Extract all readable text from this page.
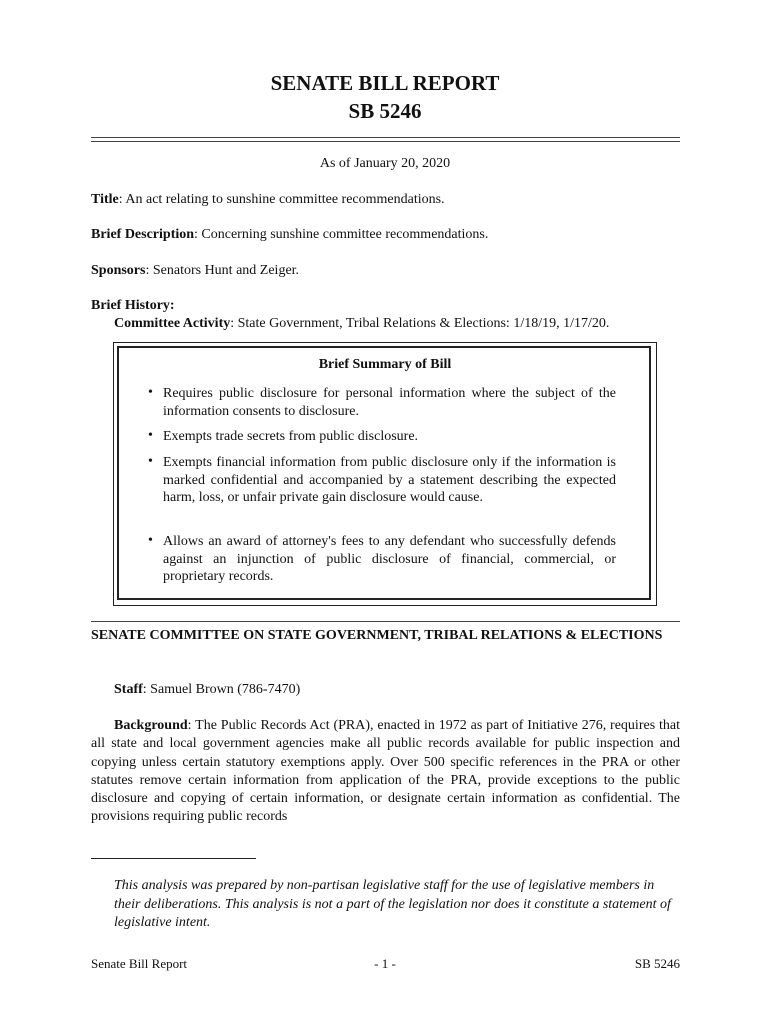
SENATE BILL REPORT
SB 5246
As of January 20, 2020
Title: An act relating to sunshine committee recommendations.
Brief Description: Concerning sunshine committee recommendations.
Sponsors: Senators Hunt and Zeiger.
Brief History:
Committee Activity: State Government, Tribal Relations & Elections: 1/18/19, 1/17/20.
Brief Summary of Bill
• Requires public disclosure for personal information where the subject of the information consents to disclosure.
• Exempts trade secrets from public disclosure.
• Exempts financial information from public disclosure only if the information is marked confidential and accompanied by a statement describing the expected harm, loss, or unfair private gain disclosure would cause.
• Allows an award of attorney's fees to any defendant who successfully defends against an injunction of public disclosure of financial, commercial, or proprietary records.
SENATE COMMITTEE ON STATE GOVERNMENT, TRIBAL RELATIONS & ELECTIONS
Staff: Samuel Brown (786-7470)
Background: The Public Records Act (PRA), enacted in 1972 as part of Initiative 276, requires that all state and local government agencies make all public records available for public inspection and copying unless certain statutory exemptions apply. Over 500 specific references in the PRA or other statutes remove certain information from application of the PRA, provide exceptions to the public disclosure and copying of certain information, or designate certain information as confidential. The provisions requiring public records
This analysis was prepared by non-partisan legislative staff for the use of legislative members in their deliberations. This analysis is not a part of the legislation nor does it constitute a statement of legislative intent.
Senate Bill Report	- 1 -	SB 5246
